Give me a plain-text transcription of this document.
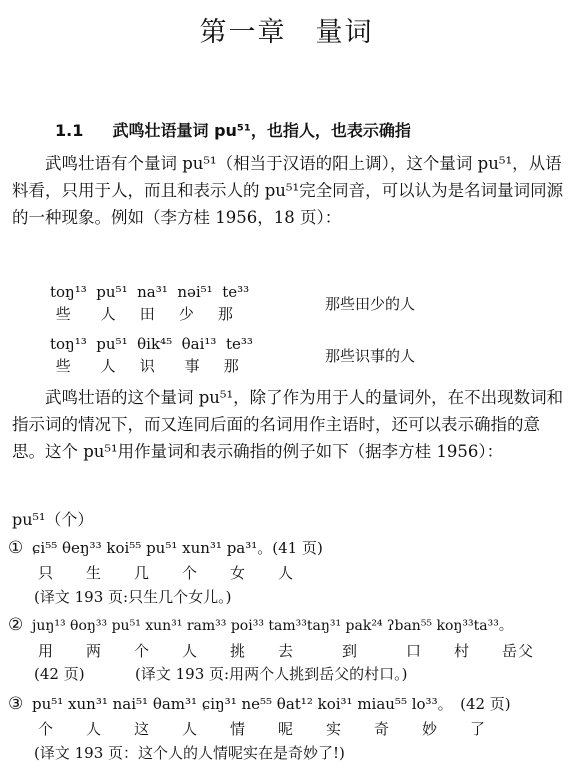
第一章　量词
1.1 武鸣壮语量词 pu⁵¹，也指人，也表示确指
武鸣壮语有个量词 pu⁵¹（相当于汉语的阳上调），这个量词 pu⁵¹，从语料看，只用于人，而且和表示人的 pu⁵¹完全同音，可以认为是名词量词同源的一种现象。例如（李方桂 1956，18 页）：
toŋ¹³ pu⁵¹ na³¹ nəi⁵¹ te³³
些 人 田 少 那
那些田少的人
toŋ¹³ pu⁵¹ θik⁴⁵ θai¹³ te³³
些 人 识 事 那
那些识事的人
武鸣壮语的这个量词 pu⁵¹，除了作为用于人的量词外，在不出现数词和指示词的情况下，而又连同后面的名词用作主语时，还可以表示确指的意思。这个 pu⁵¹用作量词和表示确指的例子如下（据李方桂 1956）：
pu⁵¹（个）
① ɕi⁵⁵ θeŋ³³ koi⁵⁵ pu⁵¹ xun³¹ pa³¹。(41 页)
只　　生　　几　　个　　女　　人
(译文 193 页:只生几个女儿。)
② juŋ¹³ θoŋ³³ pu⁵¹ xun³¹ ram³³ poi³³ tam³³taŋ³¹ pak²⁴ ʔban⁵⁵ koŋ³³ta³³。
用　　两　　个　　人　　挑　　去　　　到　　　口　　村　　岳父
(42 页)	(译文 193 页:用两个人挑到岳父的村口。)
③ pu⁵¹ xun³¹ nai⁵¹ θam³¹ ɕiŋ³¹ ne⁵⁵ θat¹² koi³¹ miau⁵⁵ lo³³。　(42 页)
个　　人　　这　　人　　情　　呢　　实　　奇　　妙　　了
(译文 193 页：这个人的人情呢实在是奇妙了!)
